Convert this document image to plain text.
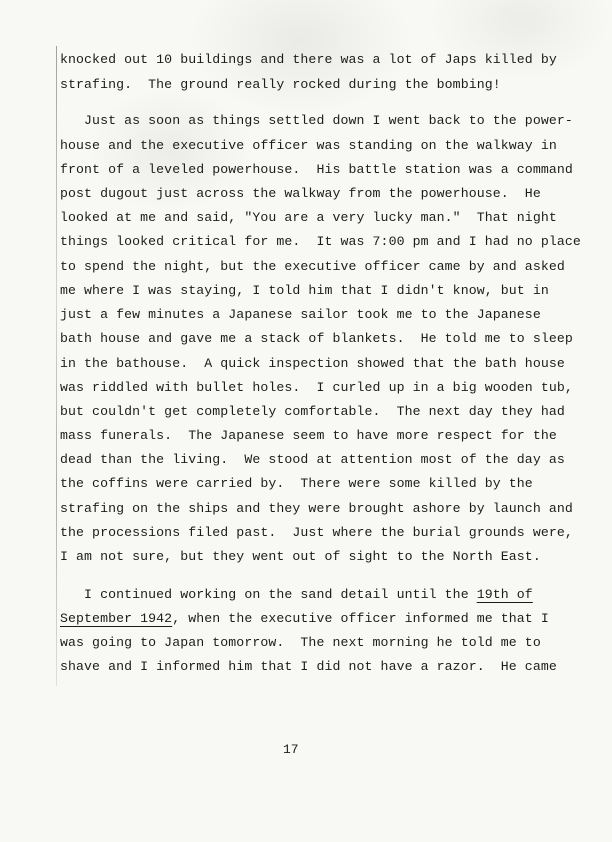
knocked out 10 buildings and there was a lot of Japs killed by
strafing.  The ground really rocked during the bombing!
Just as soon as things settled down I went back to the power-
house and the executive officer was standing on the walkway in
front of a leveled powerhouse.  His battle station was a command
post dugout just across the walkway from the powerhouse.  He
looked at me and said, "You are a very lucky man."  That night
things looked critical for me.  It was 7:00 pm and I had no place
to spend the night, but the executive officer came by and asked
me where I was staying, I told him that I didn't know, but in
just a few minutes a Japanese sailor took me to the Japanese
bath house and gave me a stack of blankets.  He told me to sleep
in the bathouse.  A quick inspection showed that the bath house
was riddled with bullet holes.  I curled up in a big wooden tub,
but couldn't get completely comfortable.  The next day they had
mass funerals.  The Japanese seem to have more respect for the
dead than the living.  We stood at attention most of the day as
the coffins were carried by.  There were some killed by the
strafing on the ships and they were brought ashore by launch and
the processions filed past.  Just where the burial grounds were,
I am not sure, but they went out of sight to the North East.
I continued working on the sand detail until the 19th of
September 1942, when the executive officer informed me that I
was going to Japan tomorrow.  The next morning he told me to
shave and I informed him that I did not have a razor.  He came
17
